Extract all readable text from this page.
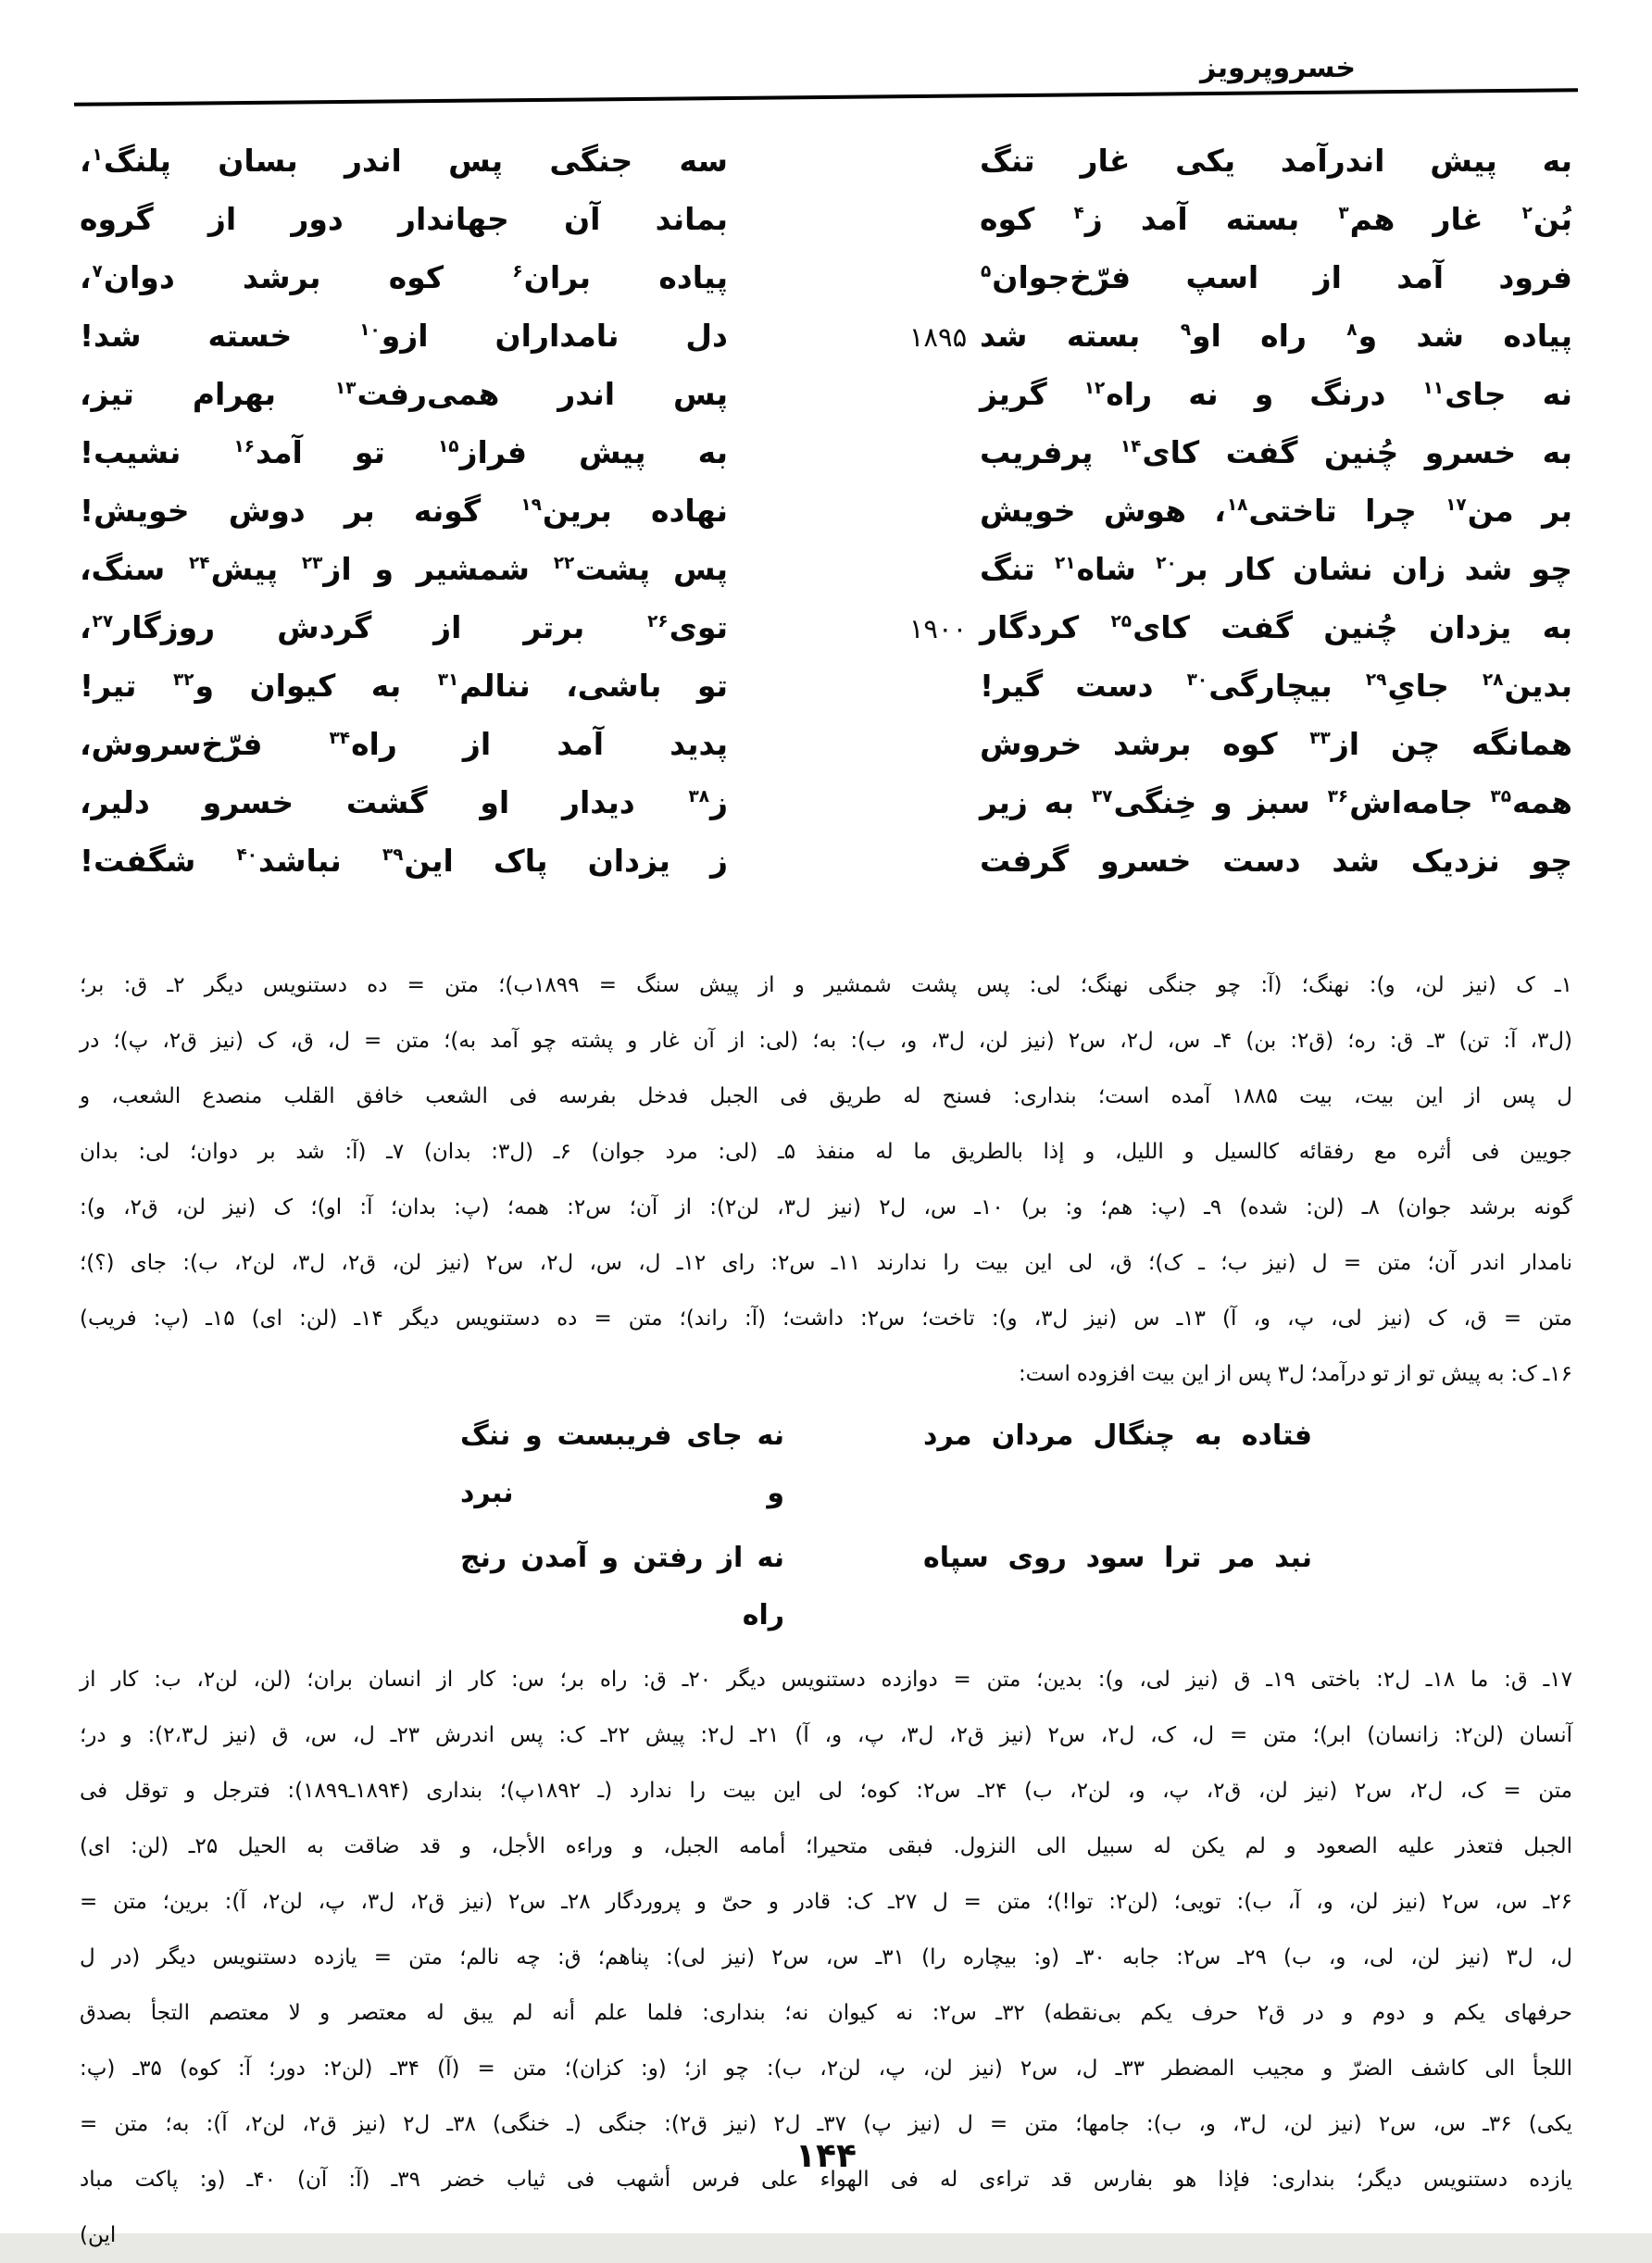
خسروپرویز
به پیش اندرآمد یکی غار تنگ
سه جنگی پس اندر بسان پلنگ$^۱$،
بُن$^۲$ غار هم$^۳$ بسته آمد ز$^۴$ کوه
بماند آن جهاندار دور از گروه
فرود آمد از اسپ فرّخ‌جوان$^۵$
پیاده بران$^۶$ کوه برشد دوان$^۷$،
پیاده شد و$^۸$ راه او$^۹$ بسته شد
۱۸۹۵
دل نامداران ازو$^{۱۰}$ خسته شد!
نه جای$^{۱۱}$ درنگ و نه راه$^{۱۲}$ گریز
پس اندر همی‌رفت$^{۱۳}$ بهرام تیز،
به خسرو چُنین گفت کای$^{۱۴}$ پرفریب
به پیش فراز$^{۱۵}$ تو آمد$^{۱۶}$ نشیب!
بر من$^{۱۷}$ چرا تاختی$^{۱۸}$، هوش خویش
نهاده برین$^{۱۹}$ گونه بر دوش خویش!
چو شد زان نشان کار بر$^{۲۰}$ شاه$^{۲۱}$ تنگ
پس پشت$^{۲۲}$ شمشیر و از$^{۲۳}$ پیش$^{۲۴}$ سنگ،
به یزدان چُنین گفت کای$^{۲۵}$ کردگار
۱۹۰۰
توی$^{۲۶}$ برتر از گردش روزگار$^{۲۷}$،
بدین$^{۲۸}$ جایِ$^{۲۹}$ بیچارگی$^{۳۰}$ دست گیر!
تو باشی، ننالم$^{۳۱}$ به کیوان و$^{۳۲}$ تیر!
همانگه چن از$^{۳۳}$ کوه برشد خروش
پدید آمد از راه$^{۳۴}$ فرّخ‌سروش،
همه$^{۳۵}$ جامه‌اش$^{۳۶}$ سبز و خِنگی$^{۳۷}$ به زیر
ز$^{۳۸}$ دیدار او گشت خسرو دلیر،
چو نزدیک شد دست خسرو گرفت
ز یزدان پاک این$^{۳۹}$ نباشد$^{۴۰}$ شگفت!
۱ـ ک (نیز لن، و): نهنگ؛ (آ: چو جنگی نهنگ؛ لی: پس پشت شمشیر و از پیش سنگ = ۱۸۹۹ب)؛ متن = ده دستنویس دیگر ۲ـ ق: بر؛
(ل۳، آ: تن) ۳ـ ق: ره؛ (ق۲: بن) ۴ـ س، ل۲، س۲ (نیز لن، ل۳، و، ب): به؛ (لی: از آن غار و پشته چو آمد به)؛ متن = ل، ق، ک (نیز ق۲، پ)؛ در
ل پس از این بیت، بیت ۱۸۸۵ آمده است؛ بنداری: فسنح له طریق فی الجبل فدخل بفرسه فی الشعب خافق القلب منصدع الشعب، و
جویین فی أثره مع رفقائه کالسیل و اللیل، و إذا بالطریق ما له منفذ ۵ـ (لی: مرد جوان) ۶ـ (ل۳: بدان) ۷ـ (آ: شد بر دوان؛ لی: بدان
گونه برشد جوان) ۸ـ (لن: شده) ۹ـ (پ: هم؛ و: بر) ۱۰ـ س، ل۲ (نیز ل۳، لن۲): از آن؛ س۲: همه؛ (پ: بدان؛ آ: او)؛ ک (نیز لن، ق۲، و):
نامدار اندر آن؛ متن = ل (نیز ب؛ ـ ک)؛ ق، لی این بیت را ندارند ۱۱ـ س۲: رای ۱۲ـ ل، س، ل۲، س۲ (نیز لن، ق۲، ل۳، لن۲، ب): جای (؟)؛
متن = ق، ک (نیز لی، پ، و، آ) ۱۳ـ س (نیز ل۳، و): تاخت؛ س۲: داشت؛ (آ: راند)؛ متن = ده دستنویس دیگر ۱۴ـ (لن: ای) ۱۵ـ (پ: فریب)
۱۶ـ ک: به پیش تو از تو درآمد؛ ل۳ پس از این بیت افزوده است:
فتاده به چنگال مردان مرد
نه جای فریبست و ننگ و نبرد
نبد مر ترا سود روی سپاه
نه از رفتن و آمدن رنج راه
۱۷ـ ق: ما ۱۸ـ ل۲: باختی ۱۹ـ ق (نیز لی، و): بدین؛ متن = دوازده دستنویس دیگر ۲۰ـ ق: راه بر؛ س: کار از انسان بران؛ (لن، لن۲، ب: کار از
آنسان (لن۲: زانسان) ابر)؛ متن = ل، ک، ل۲، س۲ (نیز ق۲، ل۳، پ، و، آ) ۲۱ـ ل۲: پیش ۲۲ـ ک: پس اندرش ۲۳ـ ل، س، ق (نیز ل۲،۳): و در؛
متن = ک، ل۲، س۲ (نیز لن، ق۲، پ، و، لن۲، ب) ۲۴ـ س۲: کوه؛ لی این بیت را ندارد (ـ ۱۸۹۲پ)؛ بنداری (۱۸۹۴ـ۱۸۹۹): فترجل و توقل فی
الجبل فتعذر علیه الصعود و لم یکن له سبیل الی النزول. فبقی متحیرا؛ أمامه الجبل، و وراءه الأجل، و قد ضاقت به الحیل ۲۵ـ (لن: ای)
۲۶ـ س، س۲ (نیز لن، و، آ، ب): تویی؛ (لن۲: توا!)؛ متن = ل ۲۷ـ ک: قادر و حیّ و پروردگار ۲۸ـ س۲ (نیز ق۲، ل۳، پ، لن۲، آ): برین؛ متن =
ل، ل۳ (نیز لن، لی، و، ب) ۲۹ـ س۲: جابه ۳۰ـ (و: بیچاره را) ۳۱ـ س، س۲ (نیز لی): پناهم؛ ق: چه نالم؛ متن = یازده دستنویس دیگر (در ل
حرفهای یکم و دوم و در ق۲ حرف یکم بی‌نقطه) ۳۲ـ س۲: نه کیوان نه؛ بنداری: فلما علم أنه لم یبق له معتصر و لا معتصم التجأ بصدق
اللجأ الی کاشف الضرّ و مجیب المضطر ۳۳ـ ل، س۲ (نیز لن، پ، لن۲، ب): چو از؛ (و: کزان)؛ متن = (آ) ۳۴ـ (لن۲: دور؛ آ: کوه) ۳۵ـ (پ:
یکی) ۳۶ـ س، س۲ (نیز لن، ل۳، و، ب): جامها؛ متن = ل (نیز پ) ۳۷ـ ل۲ (نیز ق۲): جنگی (ـ خنگی) ۳۸ـ ل۲ (نیز ق۲، لن۲، آ): به؛ متن =
یازده دستنویس دیگر؛ بنداری: فإذا هو بفارس قد تراءی له فی الهواء علی فرس أشهب فی ثیاب خضر ۳۹ـ (آ: آن) ۴۰ـ (و: پاکت مباد
این)
۱۴۴
